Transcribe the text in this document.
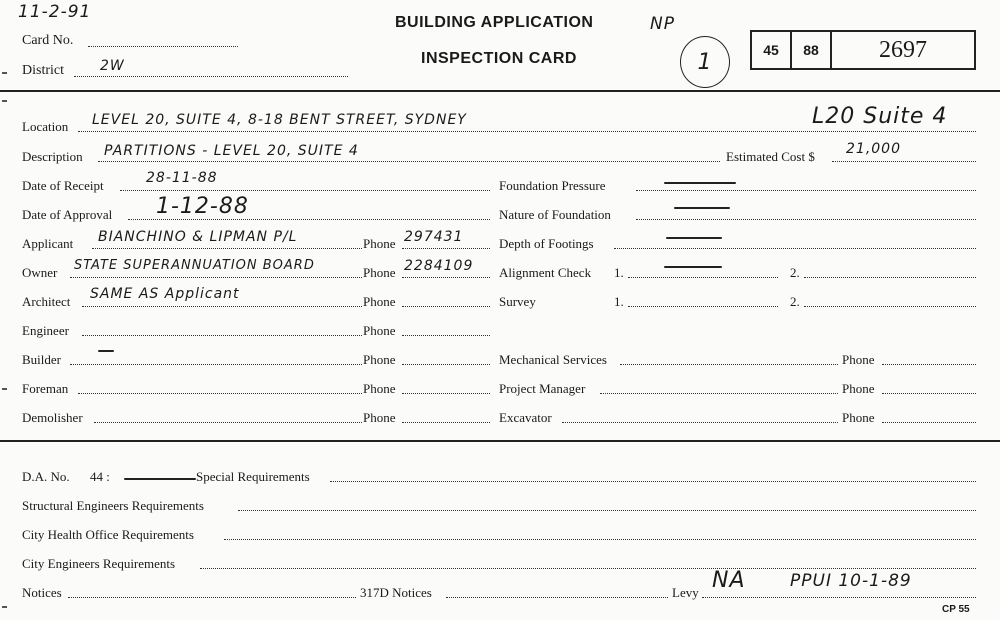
11-2-91
Card No.
District	2W
BUILDING APPLICATION
INSPECTION CARD
NP
1	45	88	2697
Location LEVEL 20, SUITE 4, 8-18 BENT STREET, SYDNEY	L20 Suite 4
Description PARTITIONS - LEVEL 20, SUITE 4	Estimated Cost $ 21,000
Date of Receipt	28-11-88	Foundation Pressure
Date of Approval 1-12-88	Nature of Foundation
Applicant BIANCHINO & LIPMAN P/L	Phone 297431	Depth of Footings
Owner STATE SUPERANNUATION BOARD	Phone 2284109 Alignment Check 1.	2.
Architect SAME AS Applicant	Phone	Survey	1.	2.
Engineer	Phone
Builder	Phone	Mechanical Services	Phone
Foreman	Phone	Project Manager	Phone
Demolisher	Phone	Excavator	Phone
D.A. No. 44 :	Special Requirements
Structural Engineers Requirements
City Health Office Requirements
City Engineers Requirements
Notices	317D Notices	Levy NA	PPUI 10-1-89
CP 55
